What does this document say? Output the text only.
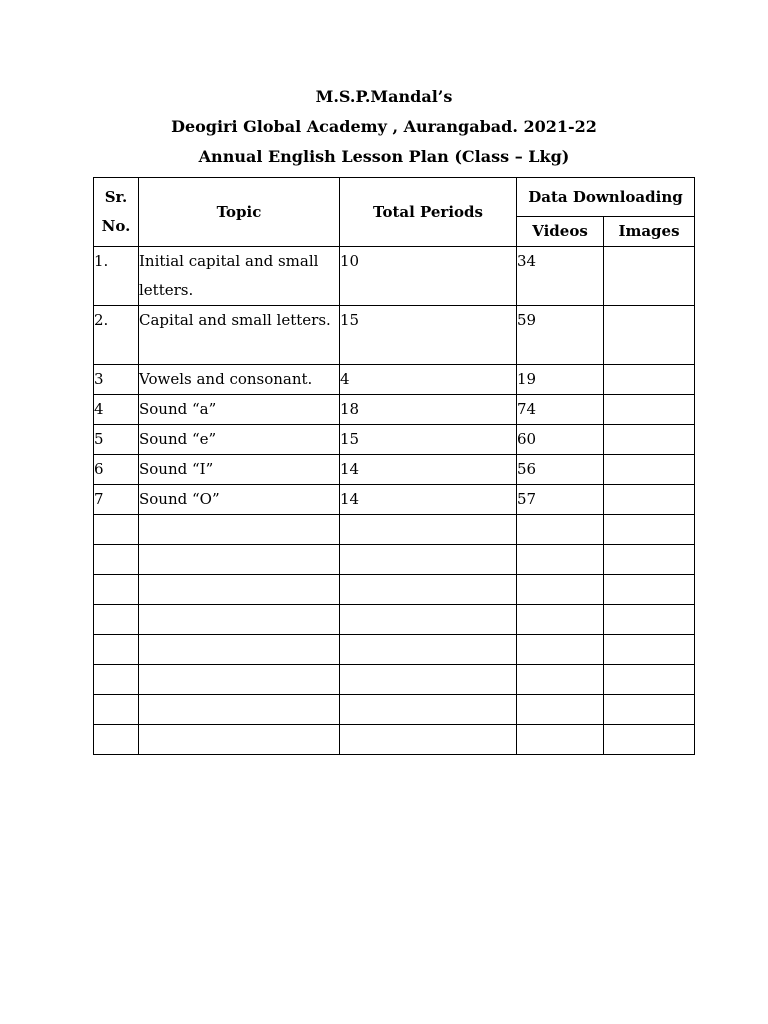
M.S.P.Mandal’s
Deogiri Global Academy , Aurangabad. 2021-22
Annual English Lesson Plan (Class – Lkg)
Sr.
No.	Topic	Total Periods	Data Downloading	
			Videos	Images
1.	Initial capital and small letters.	10	34	
2.	Capital and small letters.	15	59	
3	Vowels and consonant.	4	19	
4	Sound “a”	18	74	
5	Sound “e”	15	60	
6	Sound “I”	14	56	
7	Sound “O”	14	57	
